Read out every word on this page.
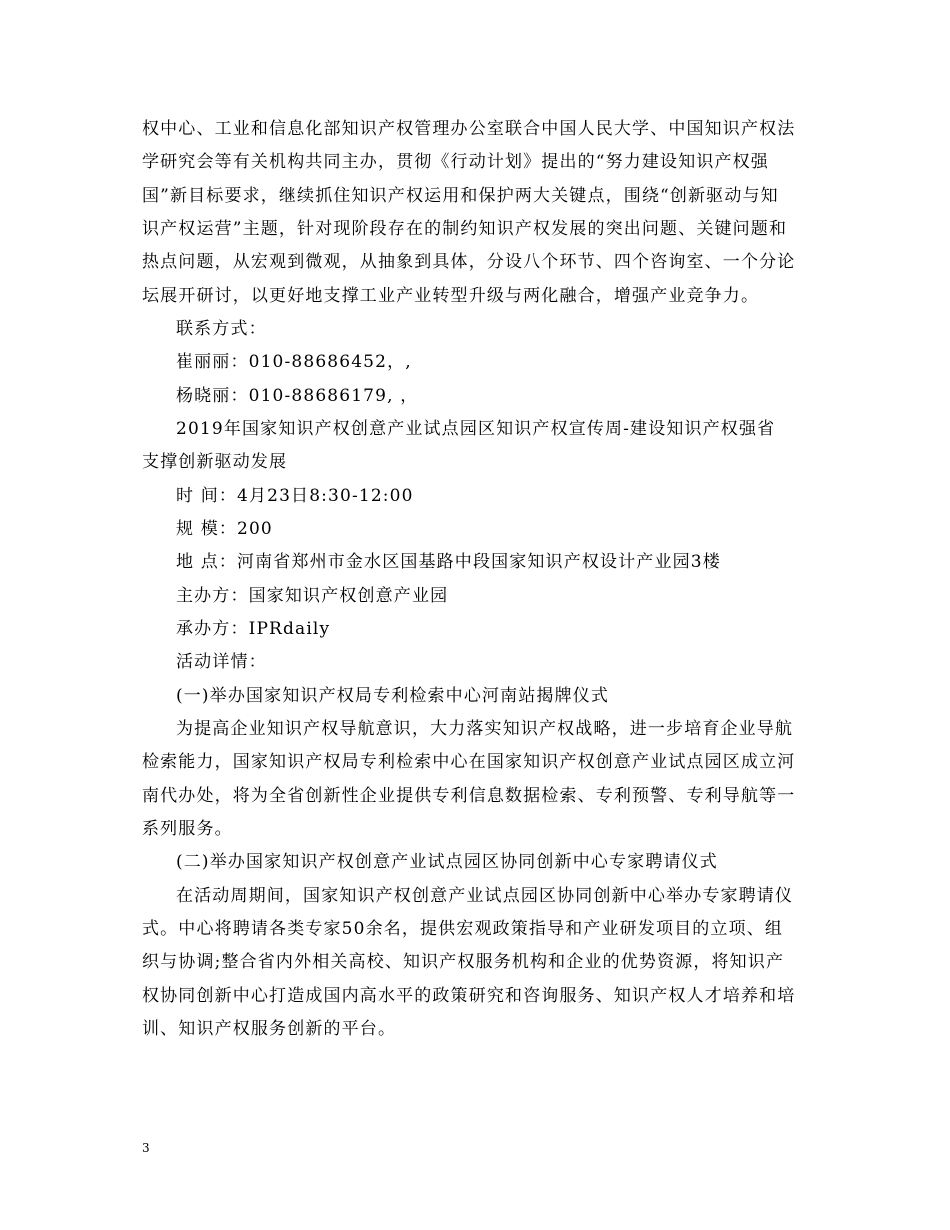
权中心、工业和信息化部知识产权管理办公室联合中国人民大学、中国知识产权法
学研究会等有关机构共同主办，贯彻《行动计划》提出的“努力建设知识产权强
国”新目标要求，继续抓住知识产权运用和保护两大关键点，围绕“创新驱动与知
识产权运营”主题，针对现阶段存在的制约知识产权发展的突出问题、关键问题和
热点问题，从宏观到微观，从抽象到具体，分设八个环节、四个咨询室、一个分论
坛展开研讨，以更好地支撑工业产业转型升级与两化融合，增强产业竞争力。
联系方式：
崔丽丽：010-88686452，,
杨晓丽：010-88686179, ，
2019年国家知识产权创意产业试点园区知识产权宣传周-建设知识产权强省
支撑创新驱动发展
时 间：4月23日8:30-12:00
规 模：200
地 点：河南省郑州市金水区国基路中段国家知识产权设计产业园3楼
主办方：国家知识产权创意产业园
承办方：IPRdaily
活动详情：
(一)举办国家知识产权局专利检索中心河南站揭牌仪式
为提高企业知识产权导航意识，大力落实知识产权战略，进一步培育企业导航
检索能力，国家知识产权局专利检索中心在国家知识产权创意产业试点园区成立河
南代办处，将为全省创新性企业提供专利信息数据检索、专利预警、专利导航等一
系列服务。
(二)举办国家知识产权创意产业试点园区协同创新中心专家聘请仪式
在活动周期间，国家知识产权创意产业试点园区协同创新中心举办专家聘请仪
式。中心将聘请各类专家50余名，提供宏观政策指导和产业研发项目的立项、组
织与协调;整合省内外相关高校、知识产权服务机构和企业的优势资源，将知识产
权协同创新中心打造成国内高水平的政策研究和咨询服务、知识产权人才培养和培
训、知识产权服务创新的平台。
3
